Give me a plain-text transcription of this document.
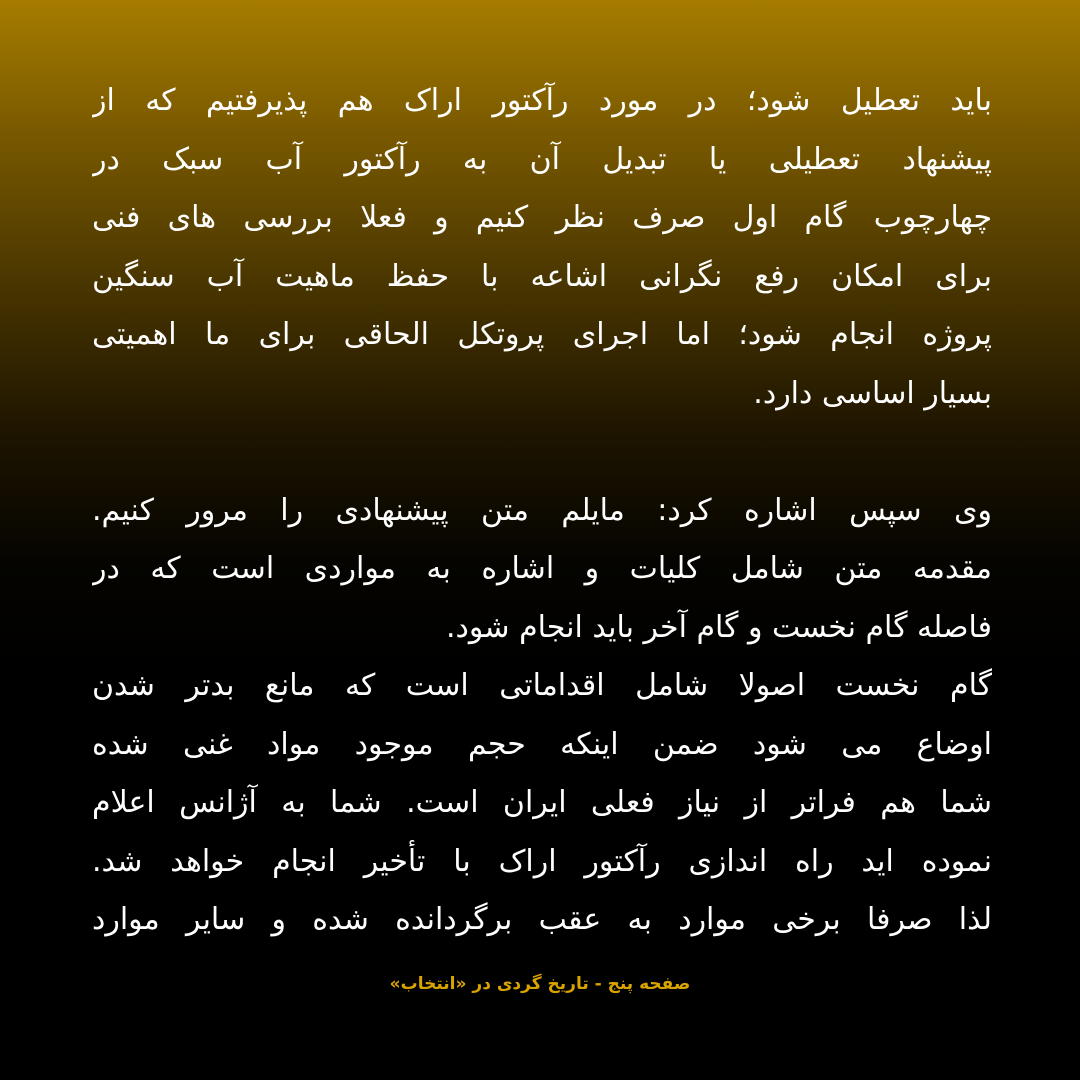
باید تعطیل شود؛ در مورد رآکتور اراک هم پذیرفتیم که از
پیشنهاد تعطیلی یا تبدیل آن به رآکتور آب سبک در
چهارچوب گام اول صرف نظر کنیم و فعلا بررسی های فنی
برای امکان رفع نگرانی اشاعه با حفظ ماهیت آب سنگین
پروژه انجام شود؛ اما اجرای پروتکل الحاقی برای ما اهمیتی
بسیار اساسی دارد.
وی سپس اشاره کرد: مایلم متن پیشنهادی را مرور کنیم.
مقدمه متن شامل کلیات و اشاره به مواردی است که در
فاصله گام نخست و گام آخر باید انجام شود.
گام نخست اصولا شامل اقداماتی است که مانع بدتر شدن
اوضاع می شود ضمن اینکه حجم موجود مواد غنی شده
شما هم فراتر از نیاز فعلی ایران است. شما به آژانس اعلام
نموده اید راه اندازی رآکتور اراک با تأخیر انجام خواهد شد.
لذا صرفا برخی موارد به عقب برگردانده شده و سایر موارد
صفحه پنج - تاریخ گردی در «انتخاب»
